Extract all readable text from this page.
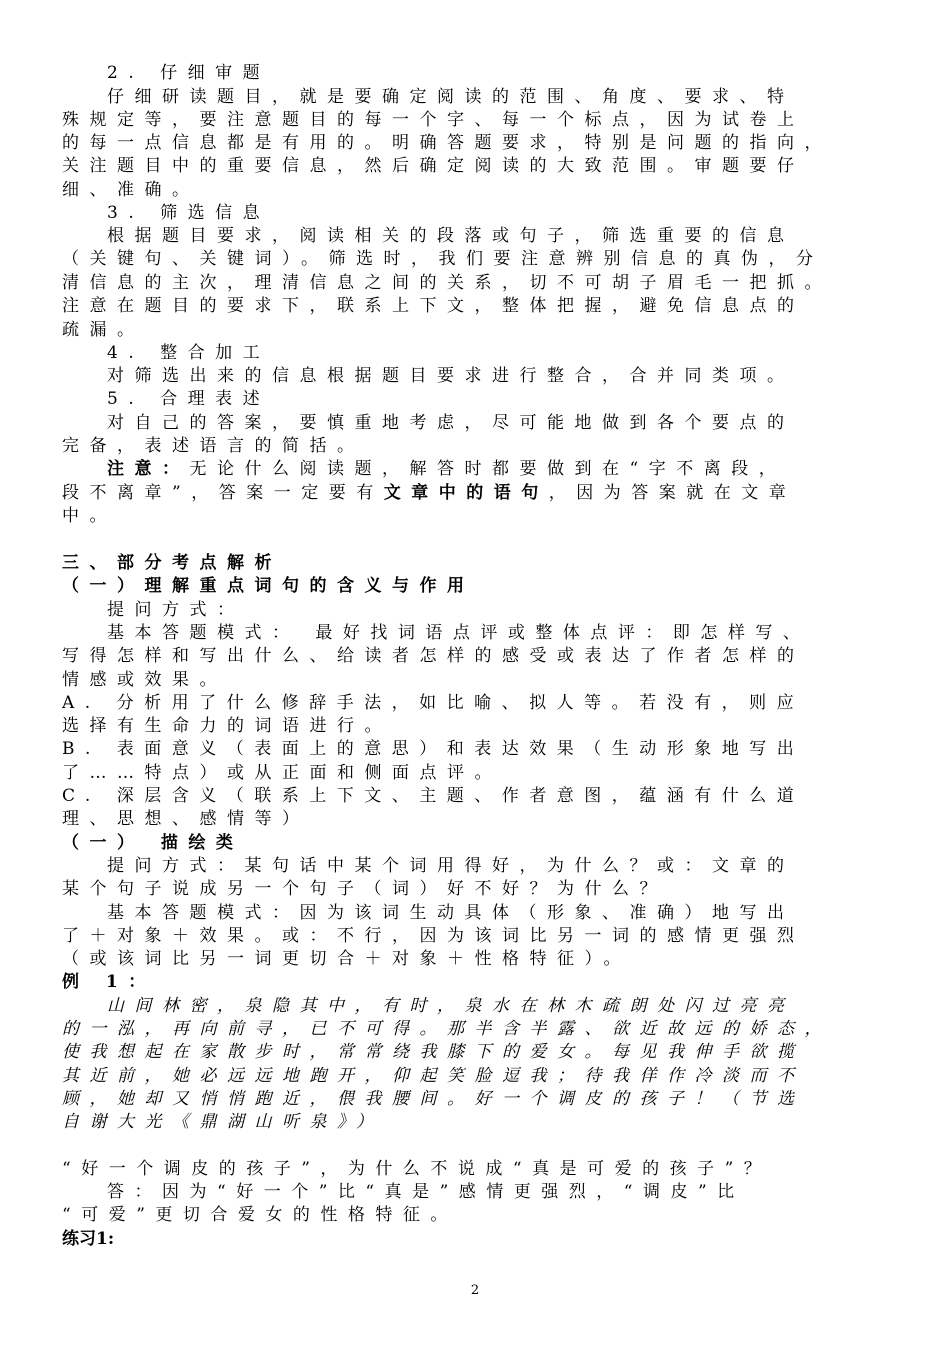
2. 仔细审题
仔细研读题目，就是要确定阅读的范围、角度、要求、特
殊规定等，要注意题目的每一个字、每一个标点，因为试卷上
的每一点信息都是有用的。明确答题要求，特别是问题的指向，
关注题目中的重要信息，然后确定阅读的大致范围。审题要仔
细、准确。
3. 筛选信息
根据题目要求，阅读相关的段落或句子，筛选重要的信息
（关键句、关键词）。筛选时，我们要注意辨别信息的真伪，分
清信息的主次，理清信息之间的关系，切不可胡子眉毛一把抓。
注意在题目的要求下，联系上下文，整体把握，避免信息点的
疏漏。
4. 整合加工
对筛选出来的信息根据题目要求进行整合，合并同类项。
5. 合理表述
对自己的答案，要慎重地考虑，尽可能地做到各个要点的
完备，表述语言的简括。
注意：无论什么阅读题，解答时都要做到在“字不离段，
段不离章”，答案一定要有文章中的语句，因为答案就在文章
中。
三、部分考点解析
（一）理解重点词句的含义与作用
提问方式：
基本答题模式： 最好找词语点评或整体点评：即怎样写、
写得怎样和写出什么、给读者怎样的感受或表达了作者怎样的
情感或效果。
A. 分析用了什么修辞手法，如比喻、拟人等。若没有，则应
选择有生命力的词语进行。
B. 表面意义（表面上的意思）和表达效果（生动形象地写出
了……特点）或从正面和侧面点评。
C. 深层含义（联系上下文、主题、作者意图，蕴涵有什么道
理、思想、感情等）
（一） 描绘类
提问方式：某句话中某个词用得好，为什么？或：文章的
某个句子说成另一个句子（词）好不好？为什么？
基本答题模式：因为该词生动具体（形象、准确）地写出
了＋对象＋效果。或：不行，因为该词比另一词的感情更强烈
（或该词比另一词更切合＋对象＋性格特征）。
例 1：
山间林密，泉隐其中，有时，泉水在林木疏朗处闪过亮亮
的一泓，再向前寻，已不可得。那半含半露、欲近故远的娇态，
使我想起在家散步时，常常绕我膝下的爱女。每见我伸手欲揽
其近前，她必远远地跑开，仰起笑脸逗我；待我佯作冷淡而不
顾，她却又悄悄跑近，偎我腰间。好一个调皮的孩子！（节选
自谢大光《鼎湖山听泉》）
“好一个调皮的孩子”，为什么不说成“真是可爱的孩子”？
答：因为“好一个”比“真是”感情更强烈，“调皮”比
“可爱”更切合爱女的性格特征。
练习1:
2
